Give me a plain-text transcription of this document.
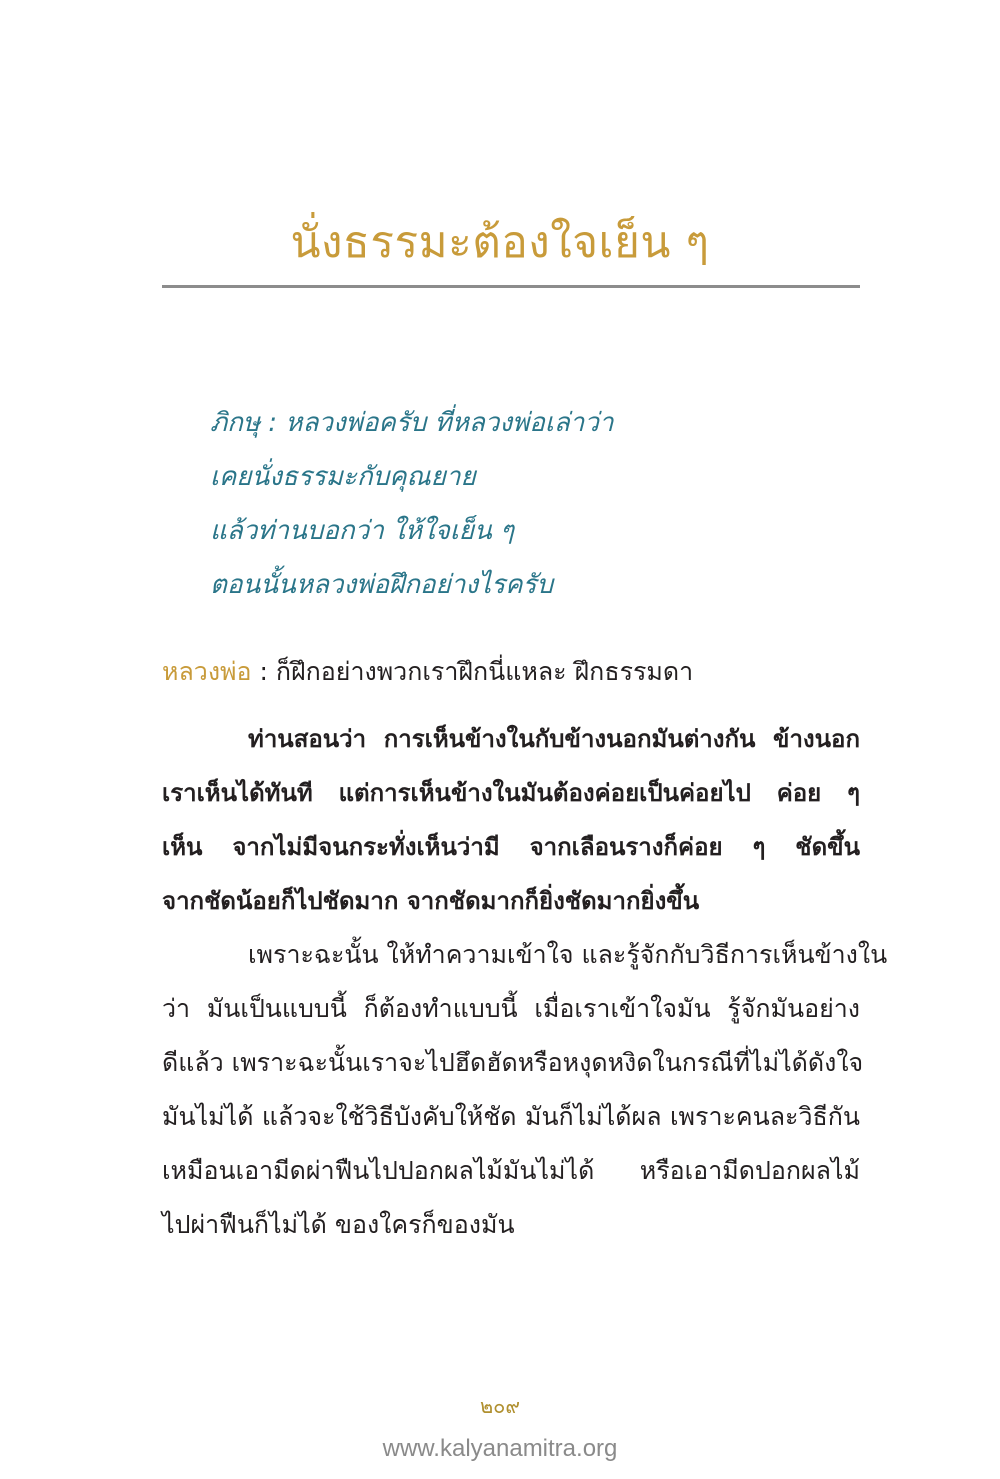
นั่งธรรมะต้องใจเย็น ๆ
ภิกษุ : หลวงพ่อครับ ที่หลวงพ่อเล่าว่า
เคยนั่งธรรมะกับคุณยาย
แล้วท่านบอกว่า ให้ใจเย็น ๆ
ตอนนั้นหลวงพ่อฝึกอย่างไรครับ
หลวงพ่อ : ก็ฝึกอย่างพวกเราฝึกนี่แหละ ฝึกธรรมดา
ท่านสอนว่า การเห็นข้างในกับข้างนอกมันต่างกัน ข้างนอก
เราเห็นได้ทันที แต่การเห็นข้างในมันต้องค่อยเป็นค่อยไป ค่อย ๆ
เห็น จากไม่มีจนกระทั่งเห็นว่ามี จากเลือนรางก็ค่อย ๆ ชัดขึ้น
จากชัดน้อยก็ไปชัดมาก จากชัดมากก็ยิ่งชัดมากยิ่งขึ้น
เพราะฉะนั้น ให้ทำความเข้าใจ และรู้จักกับวิธีการเห็นข้างใน
ว่า มันเป็นแบบนี้ ก็ต้องทำแบบนี้ เมื่อเราเข้าใจมัน รู้จักมันอย่าง
ดีแล้ว เพราะฉะนั้นเราจะไปฮึดฮัดหรือหงุดหงิดในกรณีที่ไม่ได้ดังใจ
มันไม่ได้ แล้วจะใช้วิธีบังคับให้ชัด มันก็ไม่ได้ผล เพราะคนละวิธีกัน
เหมือนเอามีดผ่าฟืนไปปอกผลไม้มันไม่ได้ หรือเอามีดปอกผลไม้
ไปผ่าฟืนก็ไม่ได้ ของใครก็ของมัน
๒๐๙
www.kalyanamitra.org
